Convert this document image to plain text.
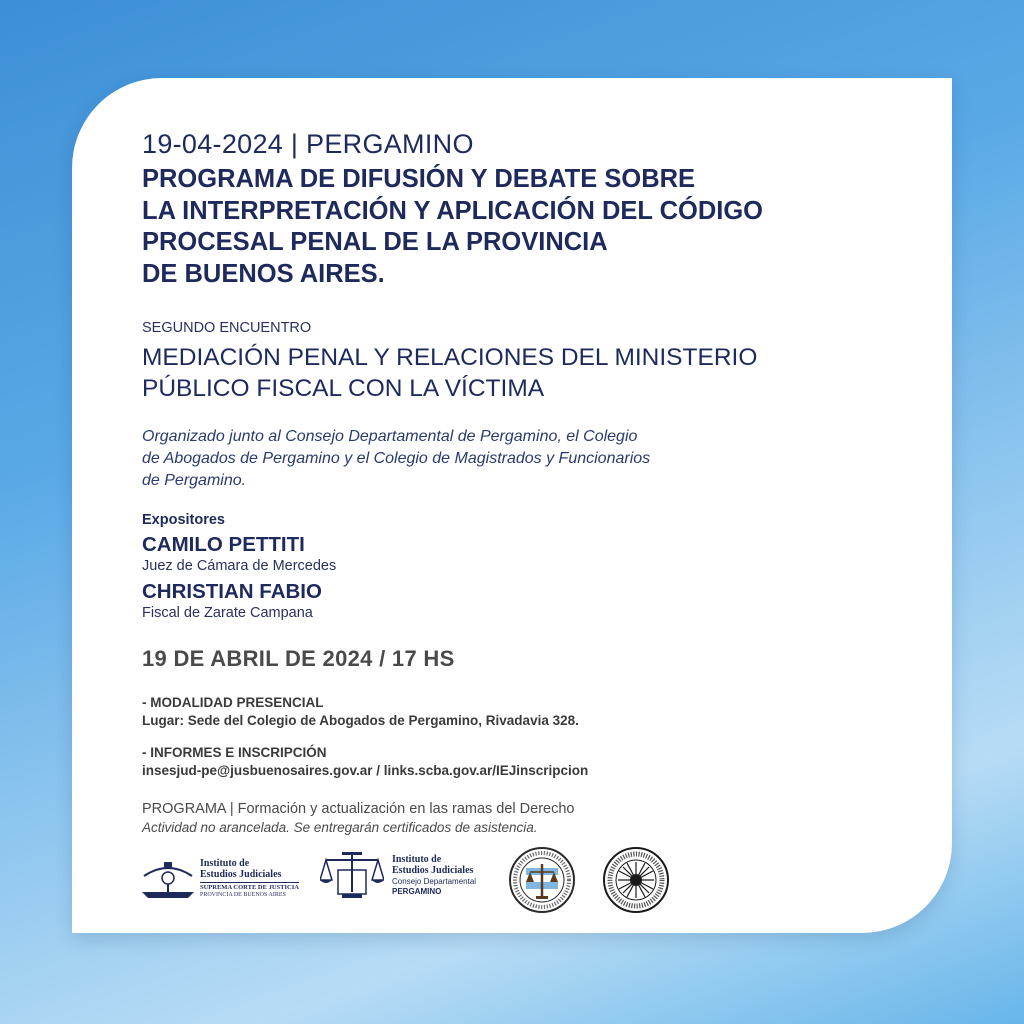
19-04-2024 | PERGAMINO
PROGRAMA DE DIFUSIÓN Y DEBATE SOBRE
LA INTERPRETACIÓN Y APLICACIÓN DEL CÓDIGO
PROCESAL PENAL DE LA PROVINCIA
DE BUENOS AIRES.
SEGUNDO ENCUENTRO
MEDIACIÓN PENAL Y RELACIONES DEL MINISTERIO
PÚBLICO FISCAL CON LA VÍCTIMA
Organizado junto al Consejo Departamental de Pergamino, el Colegio
de Abogados de Pergamino y el Colegio de Magistrados y Funcionarios
de Pergamino.
Expositores
CAMILO PETTITI
Juez de Cámara de Mercedes
CHRISTIAN FABIO
Fiscal de Zarate Campana
19 DE ABRIL DE 2024 / 17 HS
- MODALIDAD PRESENCIAL
Lugar: Sede del Colegio de Abogados de Pergamino, Rivadavia 328.
- INFORMES E INSCRIPCIÓN
insesjud-pe@jusbuenosaires.gov.ar / links.scba.gov.ar/IEJinscripcion
PROGRAMA | Formación y actualización en las ramas del Derecho
Actividad no arancelada. Se entregarán certificados de asistencia.
Instituto de
Estudios Judiciales
SUPREMA CORTE DE JUSTICIA
PROVINCIA DE BUENOS AIRES
Instituto de
Estudios Judiciales
Consejo Departamental
PERGAMINO
